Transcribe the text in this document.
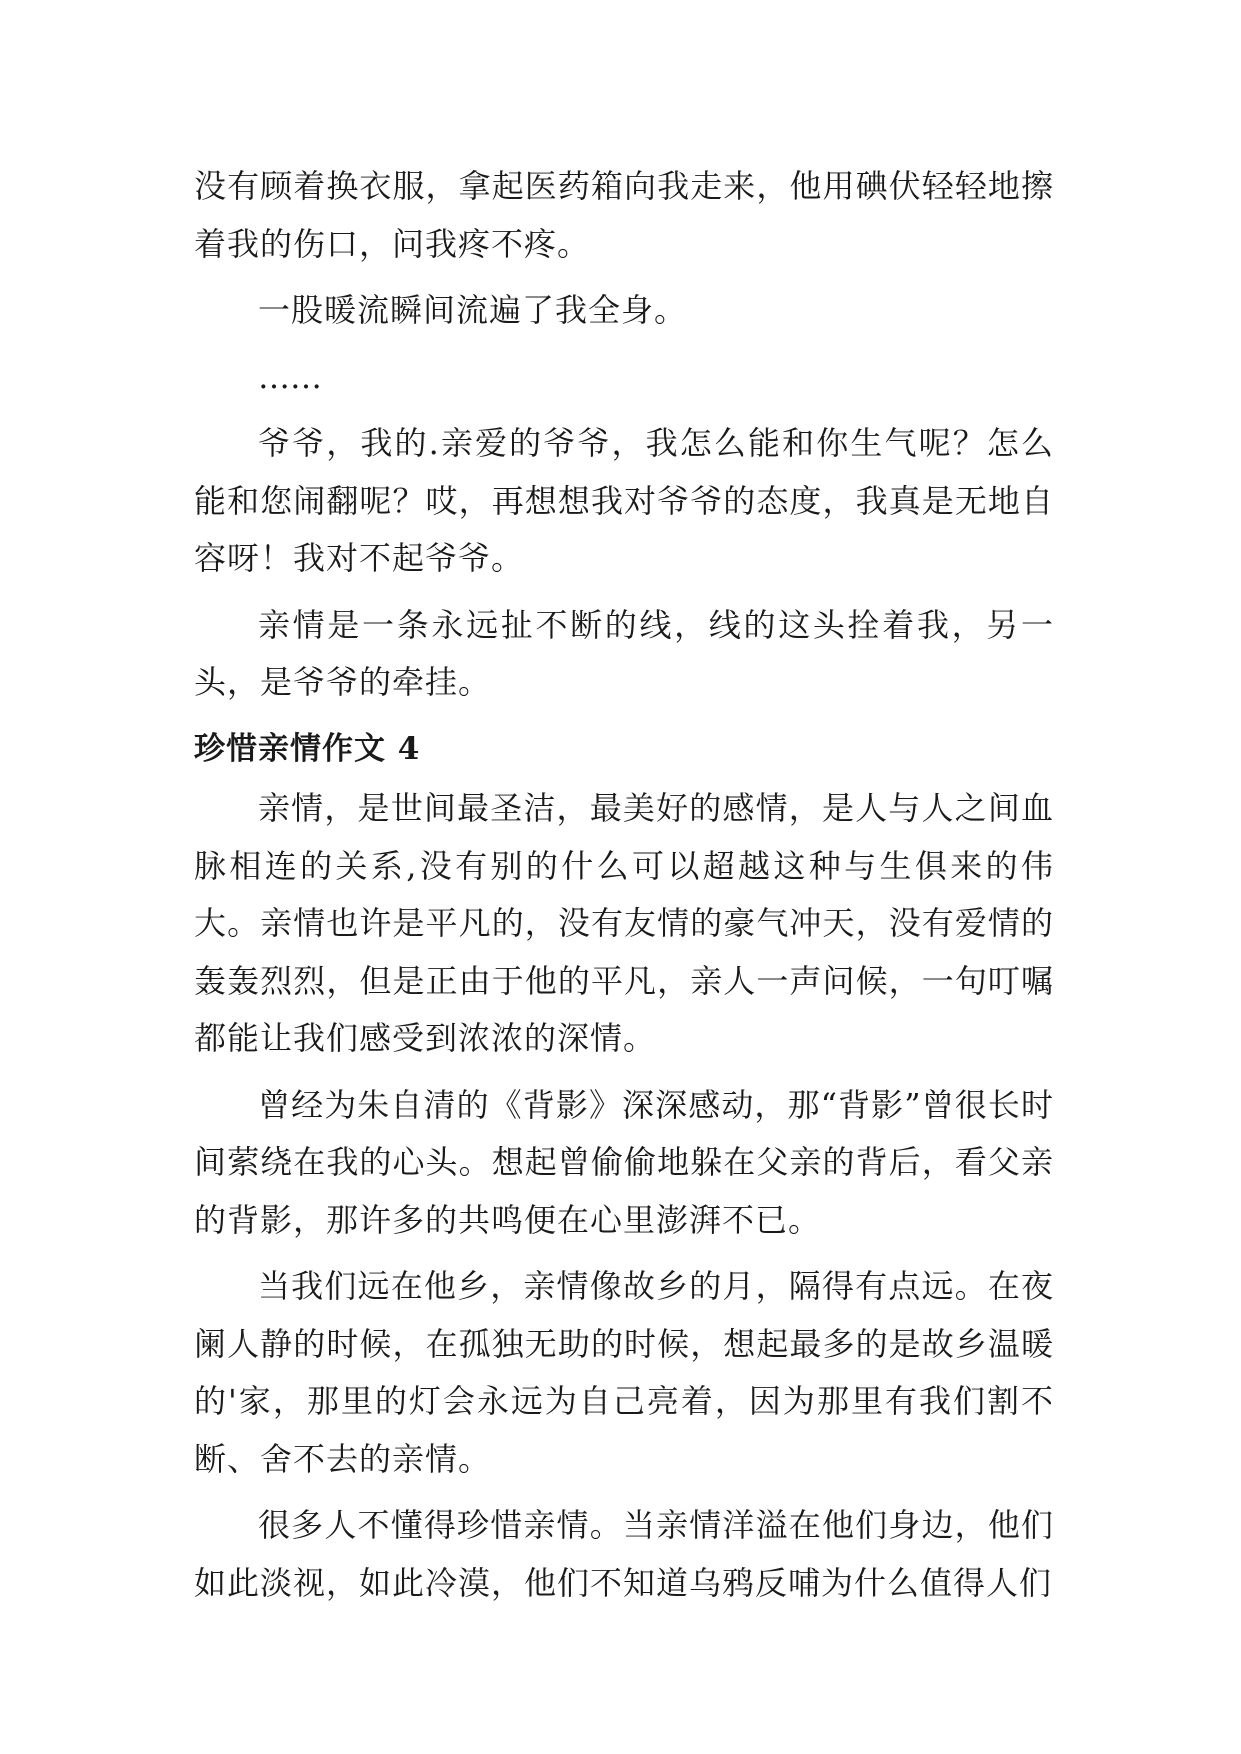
没有顾着换衣服，拿起医药箱向我走来，他用碘伏轻轻地擦着我的伤口，问我疼不疼。

一股暖流瞬间流遍了我全身。

……

爷爷，我的.亲爱的爷爷，我怎么能和你生气呢？怎么能和您闹翻呢？哎，再想想我对爷爷的态度，我真是无地自容呀！我对不起爷爷。

亲情是一条永远扯不断的线，线的这头拴着我，另一头，是爷爷的牵挂。

珍惜亲情作文 4

亲情，是世间最圣洁，最美好的感情，是人与人之间血脉相连的关系,没有别的什么可以超越这种与生俱来的伟大。亲情也许是平凡的，没有友情的豪气冲天，没有爱情的轰轰烈烈，但是正由于他的平凡，亲人一声问候，一句叮嘱都能让我们感受到浓浓的深情。

曾经为朱自清的《背影》深深感动，那“背影”曾很长时间萦绕在我的心头。想起曾偷偷地躲在父亲的背后，看父亲的背影，那许多的共鸣便在心里澎湃不已。

当我们远在他乡，亲情像故乡的月，隔得有点远。在夜阑人静的时候，在孤独无助的时候，想起最多的是故乡温暖的'家，那里的灯会永远为自己亮着，因为那里有我们割不断、舍不去的亲情。

很多人不懂得珍惜亲情。当亲情洋溢在他们身边，他们如此淡视，如此冷漠，他们不知道乌鸦反哺为什么值得人们
